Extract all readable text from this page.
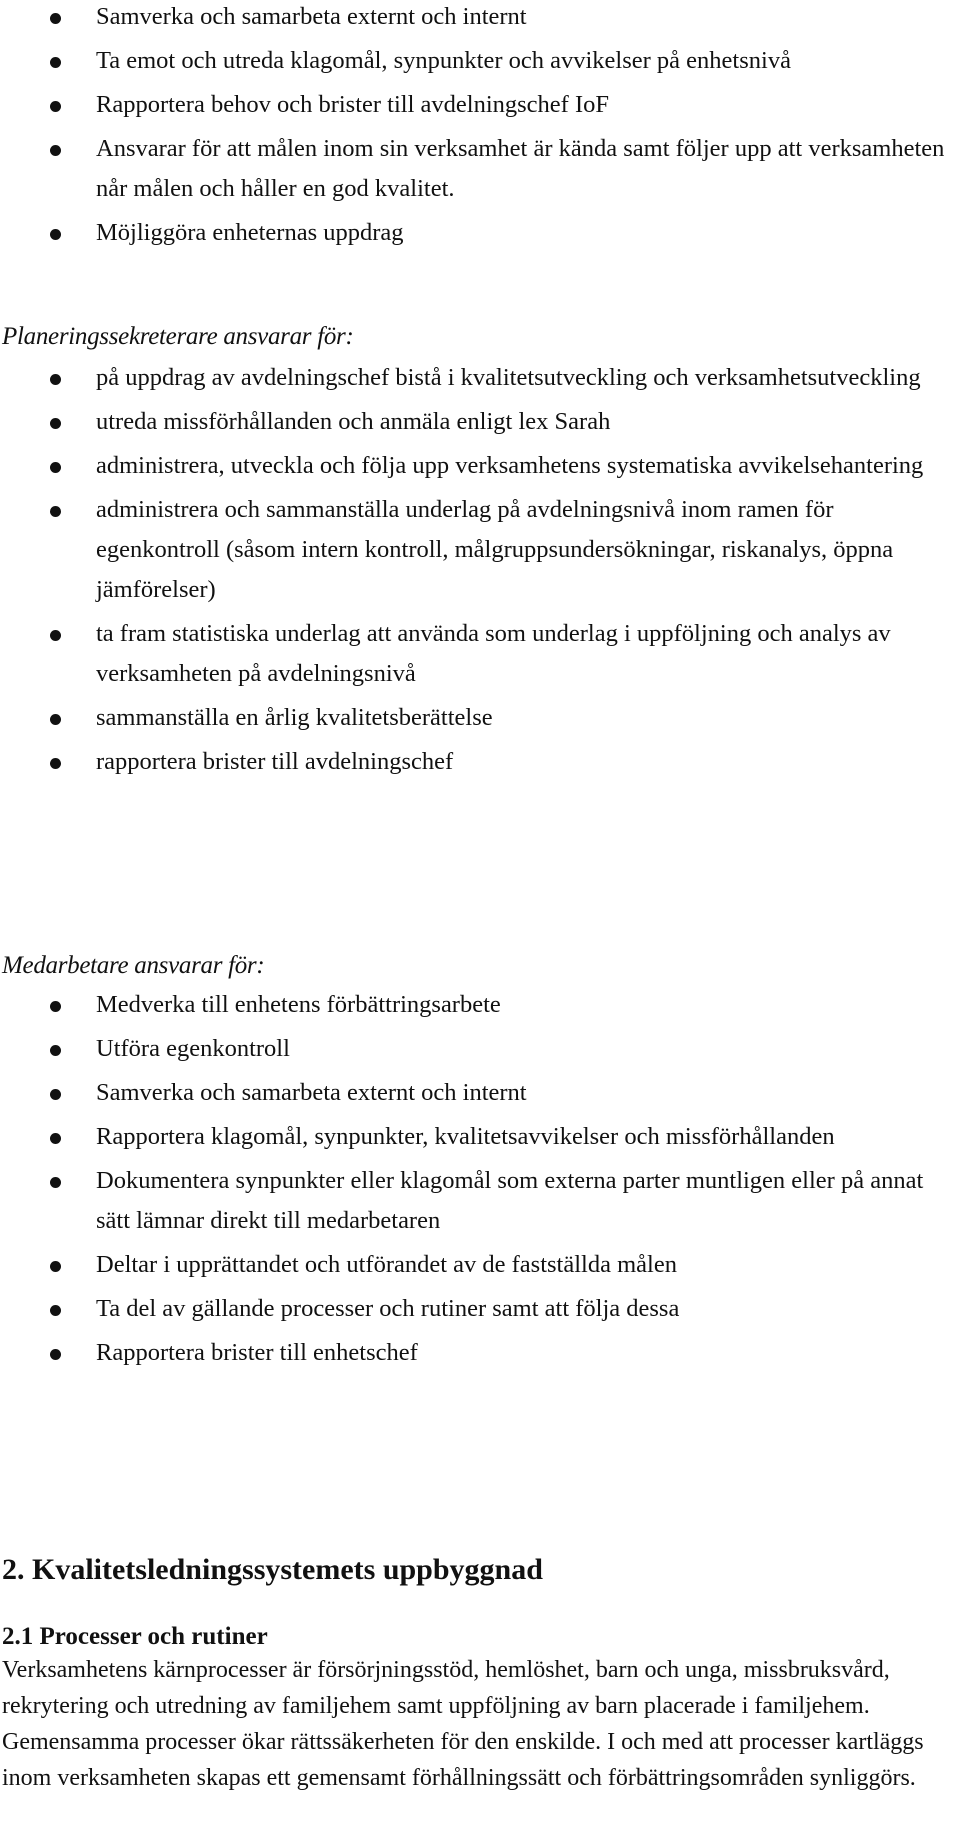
Samverka och samarbeta externt och internt
Ta emot och utreda klagomål, synpunkter och avvikelser på enhetsnivå
Rapportera behov och brister till avdelningschef IoF
Ansvarar för att målen inom sin verksamhet är kända samt följer upp att verksamheten når målen och håller en god kvalitet.
Möjliggöra enheternas uppdrag
Planeringssekreterare ansvarar för:
på uppdrag av avdelningschef bistå i kvalitetsutveckling och verksamhetsutveckling
utreda missförhållanden och anmäla enligt lex Sarah
administrera, utveckla och följa upp verksamhetens systematiska avvikelsehantering
administrera och sammanställa underlag på avdelningsnivå inom ramen för egenkontroll (såsom intern kontroll, målgruppsundersökningar, riskanalys, öppna jämförelser)
ta fram statistiska underlag att använda som underlag i uppföljning och analys av verksamheten på avdelningsnivå
sammanställa en årlig kvalitetsberättelse
rapportera brister till avdelningschef
Medarbetare ansvarar för:
Medverka till enhetens förbättringsarbete
Utföra egenkontroll
Samverka och samarbeta externt och internt
Rapportera klagomål, synpunkter, kvalitetsavvikelser och missförhållanden
Dokumentera synpunkter eller klagomål som externa parter muntligen eller på annat sätt lämnar direkt till medarbetaren
Deltar i upprättandet och utförandet av de fastställda målen
Ta del av gällande processer och rutiner samt att följa dessa
Rapportera brister till enhetschef
2. Kvalitetsledningssystemets uppbyggnad
2.1 Processer och rutiner
Verksamhetens kärnprocesser är försörjningsstöd, hemlöshet, barn och unga, missbruksvård, rekrytering och utredning av familjehem samt uppföljning av barn placerade i familjehem. Gemensamma processer ökar rättssäkerheten för den enskilde. I och med att processer kartläggs inom verksamheten skapas ett gemensamt förhållningssätt och förbättringsområden synliggörs.
